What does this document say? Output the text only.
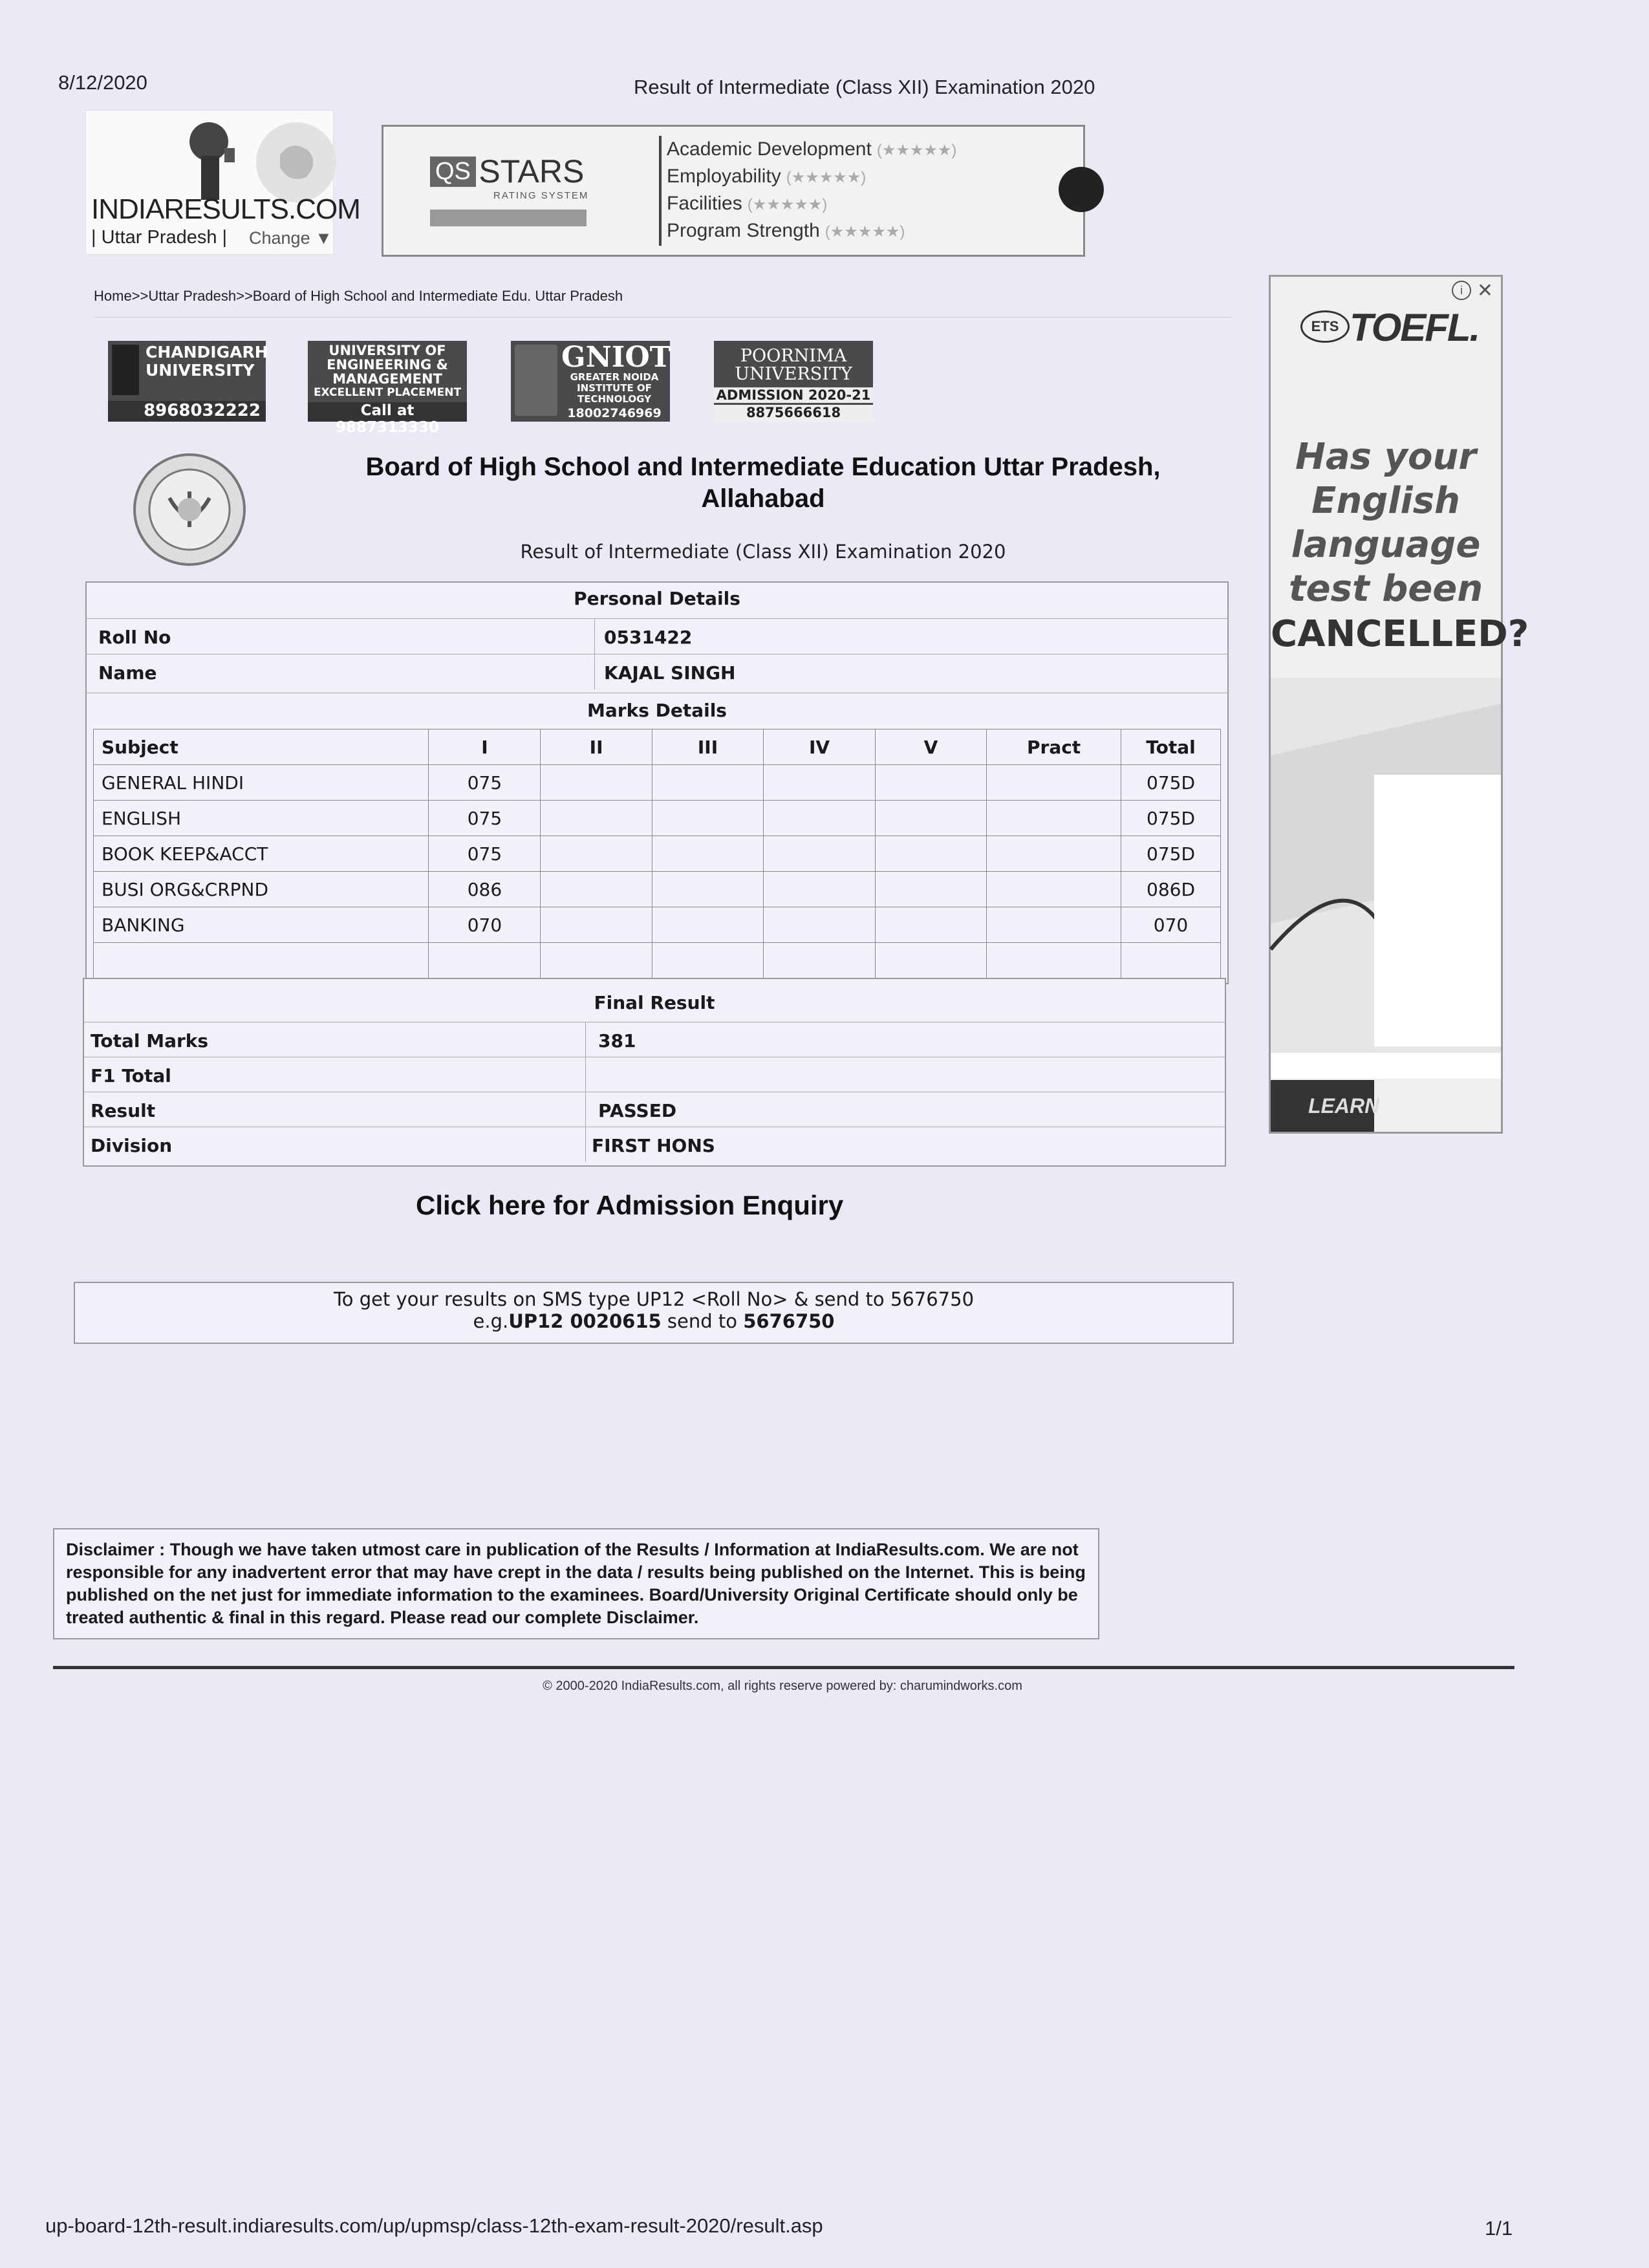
8/12/2020	Result of Intermediate (Class XII) Examination 2020
INDIARESULTS.COM
| Uttar Pradesh | Change ▼
QS STARS
RATING SYSTEM
Academic Development (★★★★★)
Employability (★★★★★)
Facilities (★★★★★)
Program Strength (★★★★★)
Home>>Uttar Pradesh>>Board of High School and Intermediate Edu. Uttar Pradesh
CHANDIGARH UNIVERSITY
8968032222
UNIVERSITY OF ENGINEERING & MANAGEMENT
EXCELLENT PLACEMENT
Call at 9887313330
GNIOT
GREATER NOIDA INSTITUTE OF TECHNOLOGY
18002746969
POORNIMA UNIVERSITY
ADMISSION 2020-21
8875666618
Board of High School and Intermediate Education Uttar Pradesh,
Allahabad
Result of Intermediate (Class XII) Examination 2020
Personal Details
Roll No	0531422
Name	KAJAL SINGH
Marks Details
Subject	I	II	III	IV	V	Pract	Total
GENERAL HINDI	075						075D
ENGLISH	075						075D
BOOK KEEP&ACCT	075						075D
BUSI ORG&CRPND	086						086D
BANKING	070						070

Final Result
Total Marks	381
F1 Total
Result	PASSED
Division	FIRST HONS
Click here for Admission Enquiry
To get your results on SMS type UP12 <Roll No> & send to 5676750
e.g.UP12 0020615 send to 5676750
Disclaimer : Though we have taken utmost care in publication of the Results / Information at IndiaResults.com. We are not responsible for any inadvertent error that may have crept in the data / results being published on the Internet. This is being published on the net just for immediate information to the examinees. Board/University Original Certificate should only be treated authentic & final in this regard. Please read our complete Disclaimer.
© 2000-2020 IndiaResults.com, all rights reserve powered by: charumindworks.com
up-board-12th-result.indiaresults.com/up/upmsp/class-12th-exam-result-2020/result.asp	1/1
i ✕
ETS TOEFL.
Has your
English
language
test been
CANCELLED?
LEARN
